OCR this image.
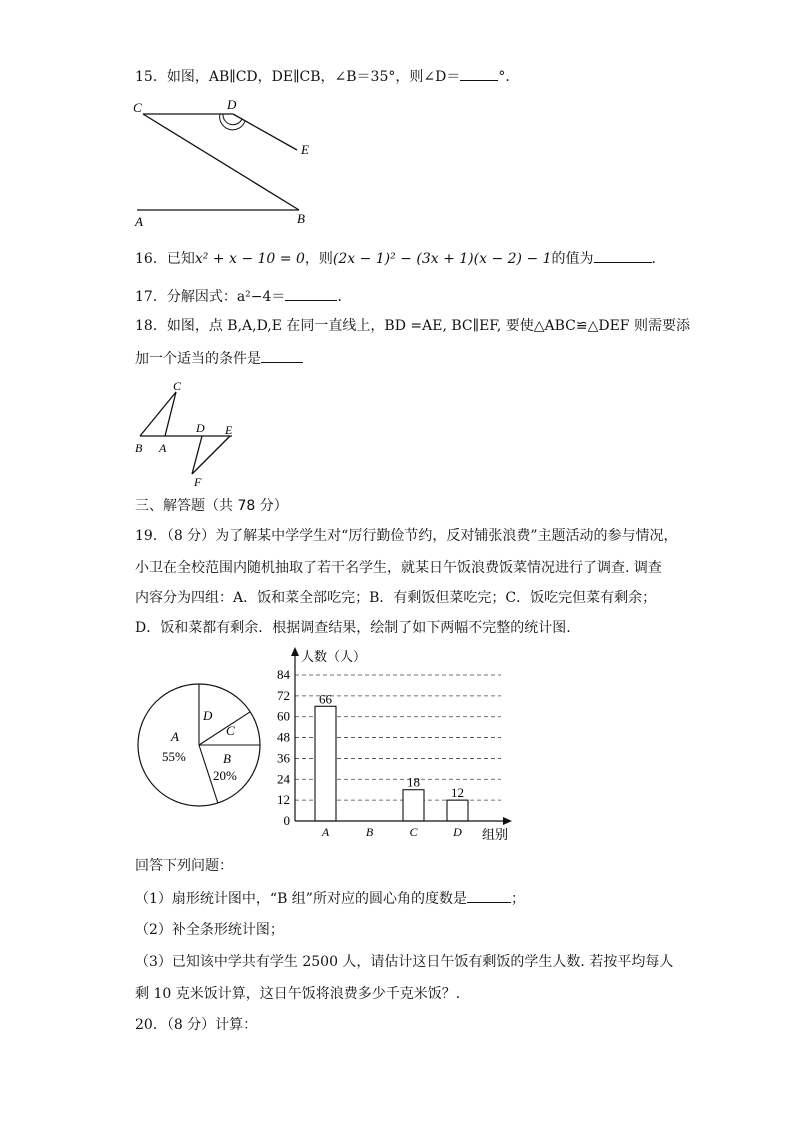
15．如图，AB∥CD，DE∥CB，∠B＝35°，则∠D＝	°．
C	D
E
A	B
16．已知x² + x − 10 = 0，则(2x − 1)² − (3x + 1)(x − 2) − 1的值为	．
17．分解因式：a²−4＝	．
18．如图，点 B,A,D,E 在同一直线上，BD =AE, BC∥EF, 要使△ABC≌△DEF 则需要添
加一个适当的条件是
C
B A
D E
F
三、解答题（共 78 分）
19．（8 分）为了解某中学学生对“厉行勤俭节约，反对铺张浪费”主题活动的参与情况，
小卫在全校范围内随机抽取了若干名学生，就某日午饭浪费饭菜情况进行了调查. 调查
内容分为四组：A．饭和菜全部吃完；B．有剩饭但菜吃完；C．饭吃完但菜有剩余；
D．饭和菜都有剩余．根据调查结果，绘制了如下两幅不完整的统计图.
A
55%	B
20%
C
D
0
12
24
36
48
60
72
84
66
18
12
A	B	C	D
人数（人）
组别
回答下列问题：
（1）扇形统计图中，“B 组”所对应的圆心角的度数是	；
（2）补全条形统计图；
（3）已知该中学共有学生 2500 人，请估计这日午饭有剩饭的学生人数. 若按平均每人
剩 10 克米饭计算，这日午饭将浪费多少千克米饭？．
20．（8 分）计算：
